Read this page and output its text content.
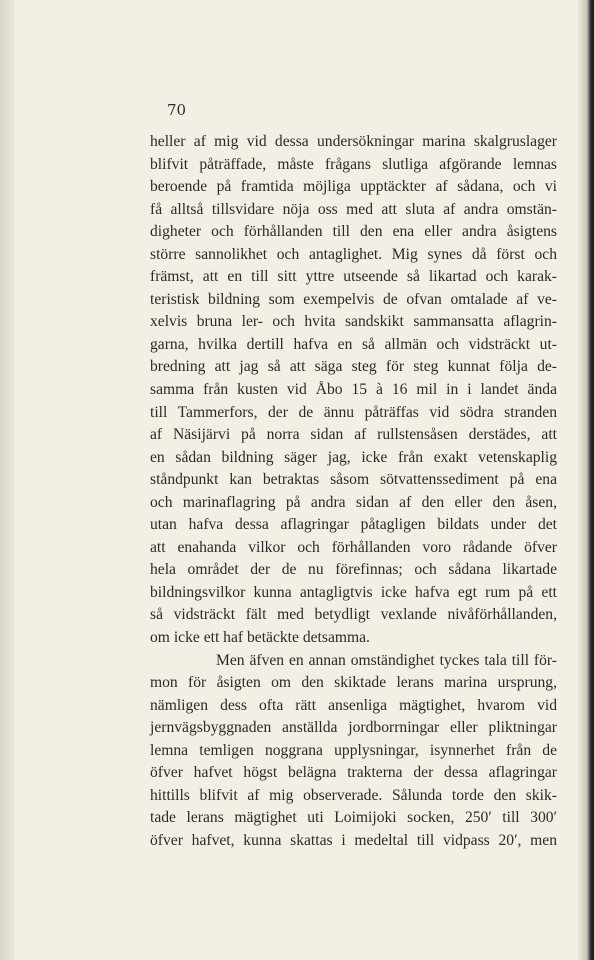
70

heller af mig vid dessa undersökningar marina skalgruslager
blifvit påträffade, måste frågans slutliga afgörande lemnas
beroende på framtida möjliga upptäckter af sådana, och vi
få alltså tillsvidare nöja oss med att sluta af andra omstän-
digheter och förhållanden till den ena eller andra åsigtens
större sannolikhet och antaglighet. Mig synes då först och
främst, att en till sitt yttre utseende så likartad och karak-
teristisk bildning som exempelvis de ofvan omtalade af ve-
xelvis bruna ler- och hvita sandskikt sammansatta aflagrin-
garna, hvilka dertill hafva en så allmän och vidsträckt ut-
bredning att jag så att säga steg för steg kunnat följa de-
samma från kusten vid Åbo 15 à 16 mil in i landet ända
till Tammerfors, der de ännu påträffas vid södra stranden
af Näsijärvi på norra sidan af rullstensåsen derstädes, att
en sådan bildning säger jag, icke från exakt vetenskaplig
ståndpunkt kan betraktas såsom sötvattenssediment på ena
och marinaflagring på andra sidan af den eller den åsen,
utan hafva dessa aflagringar påtagligen bildats under det
att enahanda vilkor och förhållanden voro rådande öfver
hela området der de nu förefinnas; och sådana likartade
bildningsvilkor kunna antagligtvis icke hafva egt rum på ett
så vidsträckt fält med betydligt vexlande nivåförhållanden,
om icke ett haf betäckte detsamma.
Men äfven en annan omständighet tyckes tala till för-
mon för åsigten om den skiktade lerans marina ursprung,
nämligen dess ofta rätt ansenliga mägtighet, hvarom vid
jernvägsbyggnaden anställda jordborrningar eller pliktningar
lemna temligen noggrana upplysningar, isynnerhet från de
öfver hafvet högst belägna trakterna der dessa aflagringar
hittills blifvit af mig observerade. Sålunda torde den skik-
tade lerans mägtighet uti Loimijoki socken, 250′ till 300′
öfver hafvet, kunna skattas i medeltal till vidpass 20′, men
